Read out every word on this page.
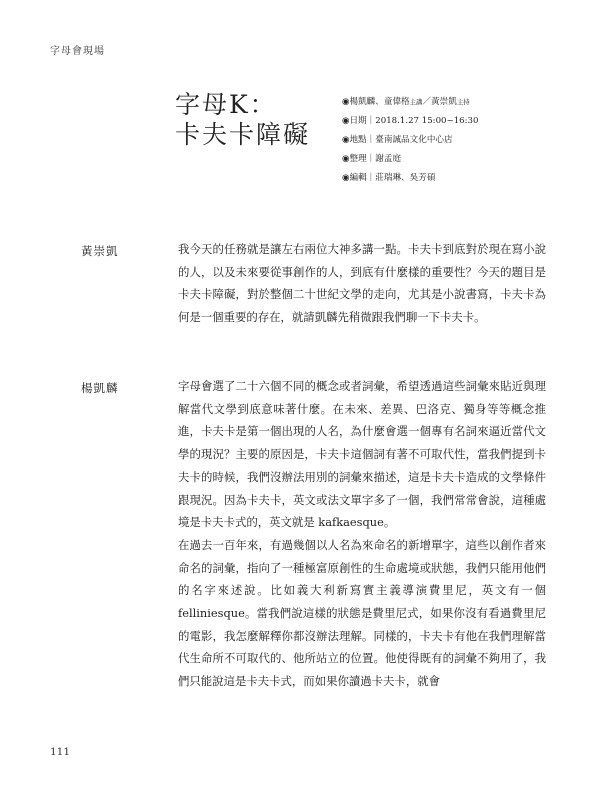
字母會現場
字母K：
卡夫卡障礙
◉楊凱麟、童偉格主講／黃崇凱主持
◉日期｜2018.1.27 15:00~16:30
◉地點｜臺南誠品文化中心店
◉整理｜謝孟庭
◉編輯｜莊瑞琳、吳芳碩
黃崇凱	我今天的任務就是讓左右兩位大神多講一點。卡夫卡到底對於現在寫小說的人，以及未來要從事創作的人，到底有什麼樣的重要性？今天的題目是卡夫卡障礙，對於整個二十世紀文學的走向，尤其是小說書寫，卡夫卡為何是一個重要的存在，就請凱麟先稍微跟我們聊一下卡夫卡。

楊凱麟	字母會選了二十六個不同的概念或者詞彙，希望透過這些詞彙來貼近與理解當代文學到底意味著什麼。在未來、差異、巴洛克、獨身等等概念推進，卡夫卡是第一個出現的人名，為什麼會選一個專有名詞來逼近當代文學的現況？主要的原因是，卡夫卡這個詞有著不可取代性，當我們提到卡夫卡的時候，我們沒辦法用別的詞彙來描述，這是卡夫卡造成的文學條件跟現況。因為卡夫卡，英文或法文單字多了一個，我們常常會說，這種處境是卡夫卡式的，英文就是 kafkaesque。

在過去一百年來，有過幾個以人名為來命名的新增單字，這些以創作者來命名的詞彙，指向了一種極富原創性的生命處境或狀態，我們只能用他們的名字來述說。比如義大利新寫實主義導演費里尼，英文有一個 felliniesque。當我們說這樣的狀態是費里尼式，如果你沒有看過費里尼的電影，我怎麼解釋你都沒辦法理解。同樣的，卡夫卡有他在我們理解當代生命所不可取代的、他所站立的位置。他使得既有的詞彙不夠用了，我們只能說這是卡夫卡式，而如果你讀過卡夫卡，就會

111
